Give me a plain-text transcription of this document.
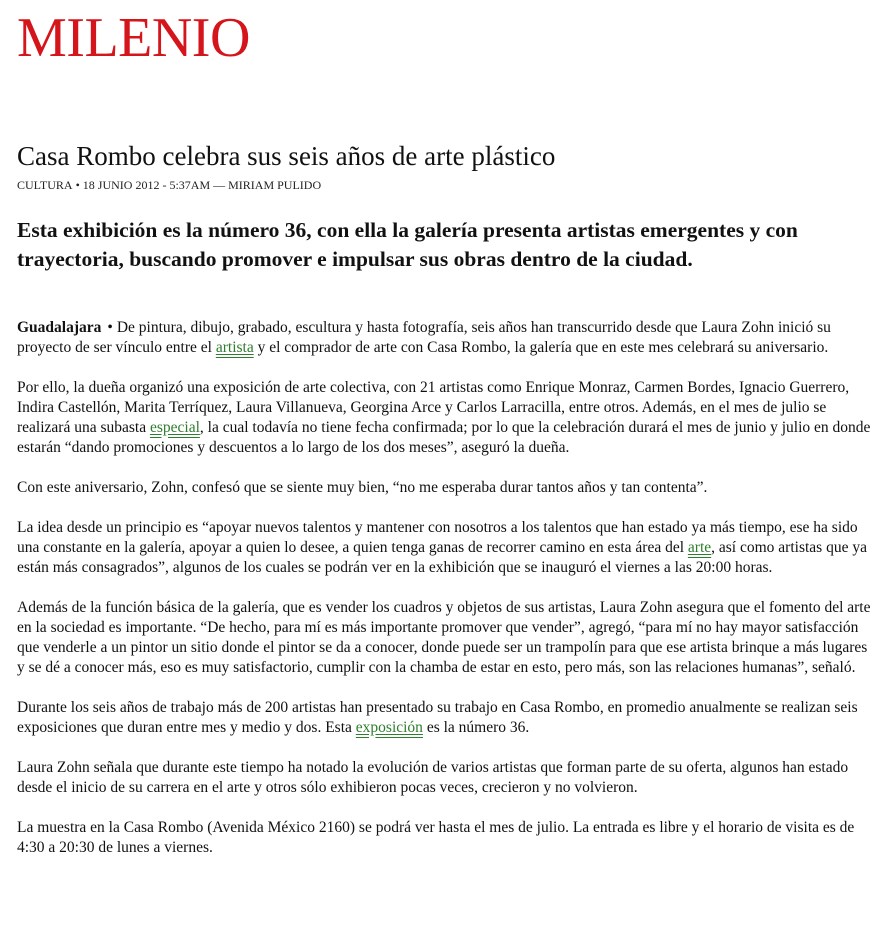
MILENIO
Casa Rombo celebra sus seis años de arte plástico
CULTURA • 18 JUNIO 2012 - 5:37AM — MIRIAM PULIDO
Esta exhibición es la número 36, con ella la galería presenta artistas emergentes y con trayectoria, buscando promover e impulsar sus obras dentro de la ciudad.

Guadalajara • De pintura, dibujo, grabado, escultura y hasta fotografía, seis años han transcurrido desde que Laura Zohn inició su proyecto de ser vínculo entre el artista y el comprador de arte con Casa Rombo, la galería que en este mes celebrará su aniversario.

Por ello, la dueña organizó una exposición de arte colectiva, con 21 artistas como Enrique Monraz, Carmen Bordes, Ignacio Guerrero, Indira Castellón, Marita Terríquez, Laura Villanueva, Georgina Arce y Carlos Larracilla, entre otros. Además, en el mes de julio se realizará una subasta especial, la cual todavía no tiene fecha confirmada; por lo que la celebración durará el mes de junio y julio en donde estarán “dando promociones y descuentos a lo largo de los dos meses”, aseguró la dueña.

Con este aniversario, Zohn, confesó que se siente muy bien, “no me esperaba durar tantos años y tan contenta”.

La idea desde un principio es “apoyar nuevos talentos y mantener con nosotros a los talentos que han estado ya más tiempo, ese ha sido una constante en la galería, apoyar a quien lo desee, a quien tenga ganas de recorrer camino en esta área del arte, así como artistas que ya están más consagrados”, algunos de los cuales se podrán ver en la exhibición que se inauguró el viernes a las 20:00 horas.

Además de la función básica de la galería, que es vender los cuadros y objetos de sus artistas, Laura Zohn asegura que el fomento del arte en la sociedad es importante. “De hecho, para mí es más importante promover que vender”, agregó, “para mí no hay mayor satisfacción que venderle a un pintor un sitio donde el pintor se da a conocer, donde puede ser un trampolín para que ese artista brinque a más lugares y se dé a conocer más, eso es muy satisfactorio, cumplir con la chamba de estar en esto, pero más, son las relaciones humanas”, señaló.

Durante los seis años de trabajo más de 200 artistas han presentado su trabajo en Casa Rombo, en promedio anualmente se realizan seis exposiciones que duran entre mes y medio y dos. Esta exposición es la número 36.

Laura Zohn señala que durante este tiempo ha notado la evolución de varios artistas que forman parte de su oferta, algunos han estado desde el inicio de su carrera en el arte y otros sólo exhibieron pocas veces, crecieron y no volvieron.

La muestra en la Casa Rombo (Avenida México 2160) se podrá ver hasta el mes de julio. La entrada es libre y el horario de visita es de 4:30 a 20:30 de lunes a viernes.
